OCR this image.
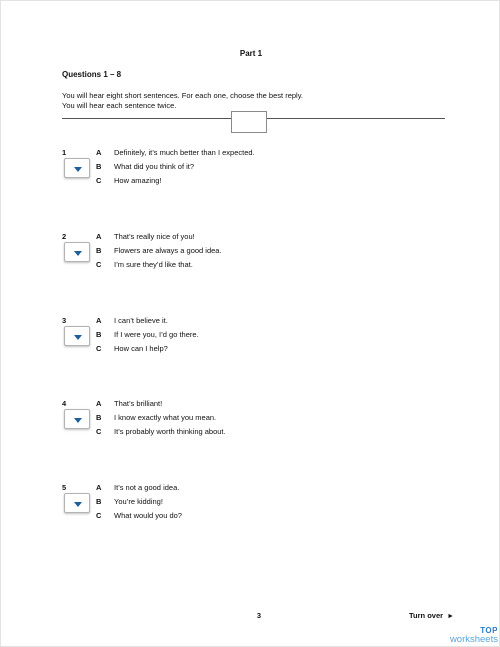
Part 1
Questions 1 – 8
You will hear eight short sentences. For each one, choose the best reply.
You will hear each sentence twice.
1	A Definitely, it’s much better than I expected.
B What did you think of it?
C How amazing!
2	A That’s really nice of you!
B Flowers are always a good idea.
C I’m sure they’d like that.
3	A I can’t believe it.
B If I were you, I’d go there.
C How can I help?
4	A That’s brilliant!
B I know exactly what you mean.
C It’s probably worth thinking about.
5	A It’s not a good idea.
B You’re kidding!
C What would you do?
3	Turn over ►
TOP
worksheets
